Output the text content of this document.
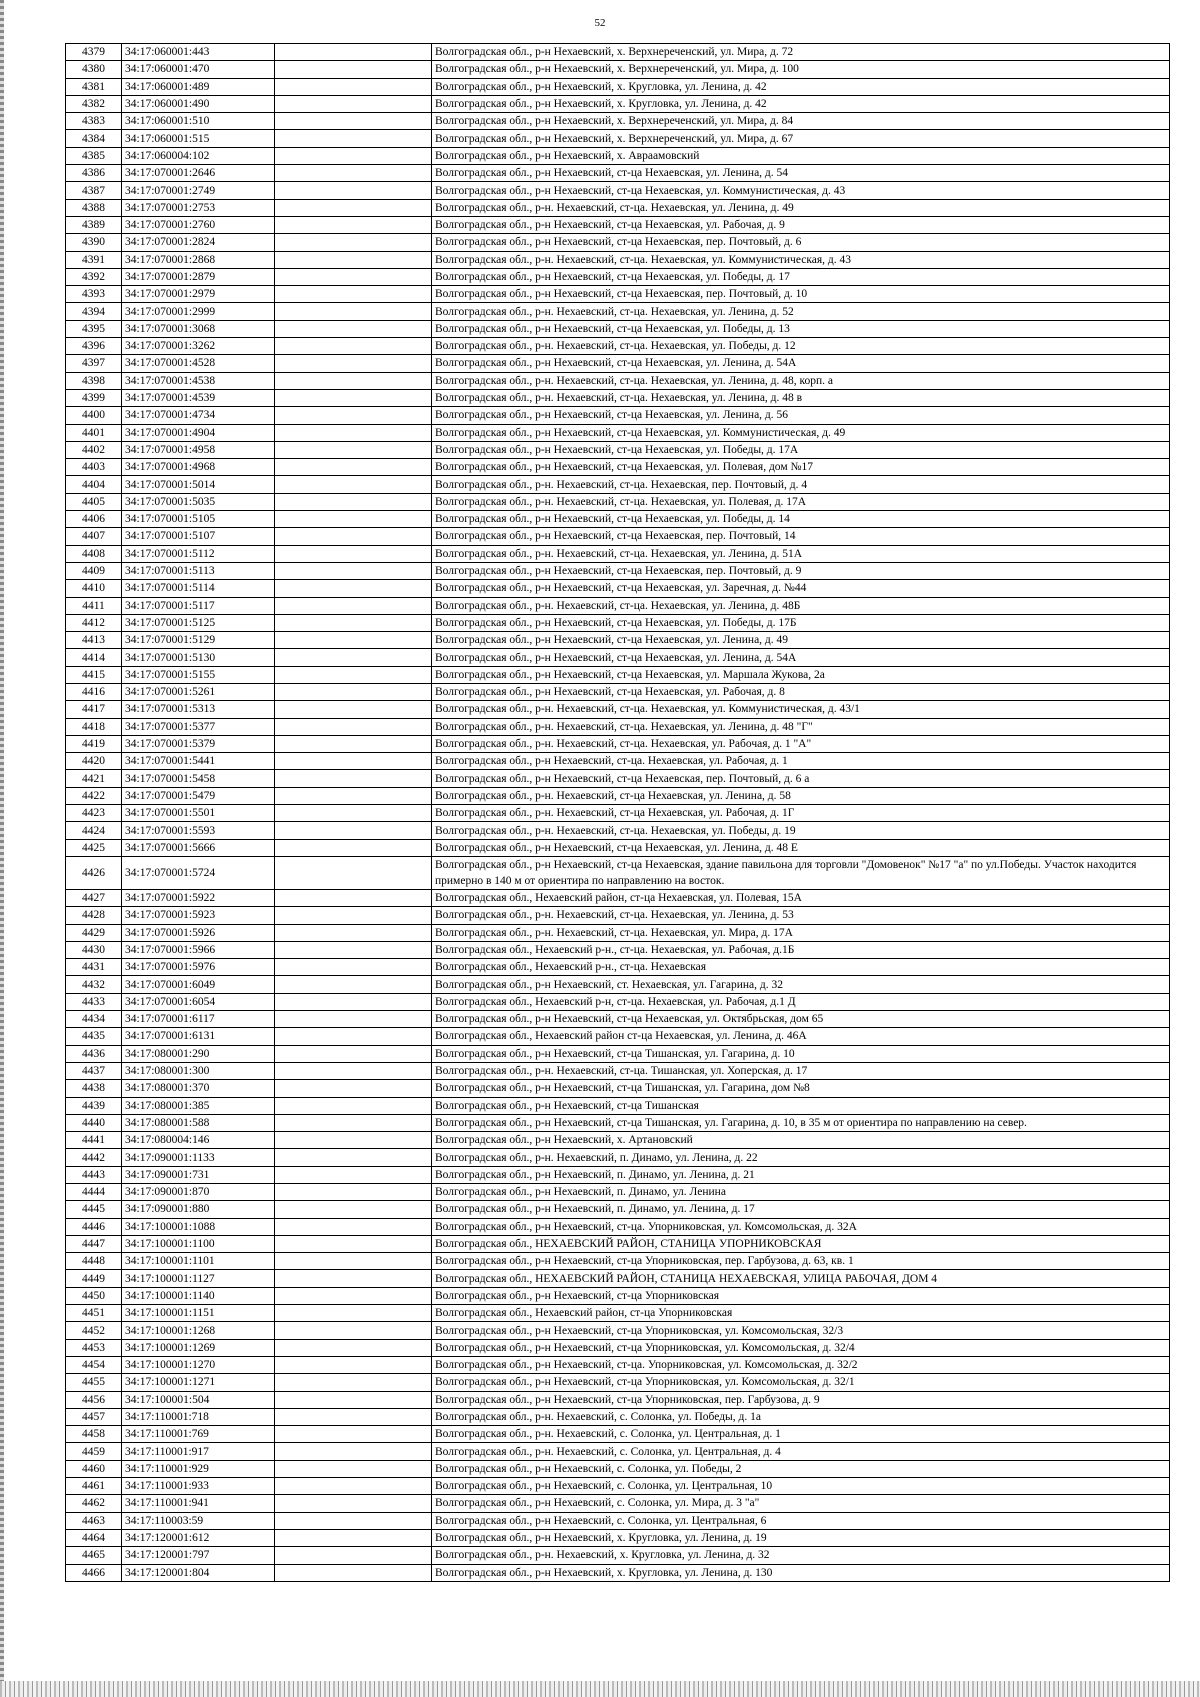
52
4379	34:17:060001:443		Волгоградская обл., р-н Нехаевский, х. Верхнереченский, ул. Мира, д. 72
4380	34:17:060001:470		Волгоградская обл., р-н Нехаевский, х. Верхнереченский, ул. Мира, д. 100
4381	34:17:060001:489		Волгоградская обл., р-н Нехаевский, х. Кругловка, ул. Ленина, д. 42
4382	34:17:060001:490		Волгоградская обл., р-н Нехаевский, х. Кругловка, ул. Ленина, д. 42
4383	34:17:060001:510		Волгоградская обл., р-н Нехаевский, х. Верхнереченский, ул. Мира, д. 84
4384	34:17:060001:515		Волгоградская обл., р-н Нехаевский, х. Верхнереченский, ул. Мира, д. 67
4385	34:17:060004:102		Волгоградская обл., р-н Нехаевский, х. Авраамовский
4386	34:17:070001:2646		Волгоградская обл., р-н Нехаевский, ст-ца Нехаевская, ул. Ленина, д. 54
4387	34:17:070001:2749		Волгоградская обл., р-н Нехаевский, ст-ца Нехаевская, ул. Коммунистическая, д. 43
4388	34:17:070001:2753		Волгоградская обл., р-н. Нехаевский, ст-ца. Нехаевская, ул. Ленина, д. 49
4389	34:17:070001:2760		Волгоградская обл., р-н Нехаевский, ст-ца Нехаевская, ул. Рабочая, д. 9
4390	34:17:070001:2824		Волгоградская обл., р-н Нехаевский, ст-ца Нехаевская, пер. Почтовый, д. 6
4391	34:17:070001:2868		Волгоградская обл., р-н. Нехаевский, ст-ца. Нехаевская, ул. Коммунистическая, д. 43
4392	34:17:070001:2879		Волгоградская обл., р-н Нехаевский, ст-ца Нехаевская, ул. Победы, д. 17
4393	34:17:070001:2979		Волгоградская обл., р-н Нехаевский, ст-ца Нехаевская, пер. Почтовый, д. 10
4394	34:17:070001:2999		Волгоградская обл., р-н. Нехаевский, ст-ца. Нехаевская, ул. Ленина, д. 52
4395	34:17:070001:3068		Волгоградская обл., р-н Нехаевский, ст-ца Нехаевская, ул. Победы, д. 13
4396	34:17:070001:3262		Волгоградская обл., р-н. Нехаевский, ст-ца. Нехаевская, ул. Победы, д. 12
4397	34:17:070001:4528		Волгоградская обл., р-н Нехаевский, ст-ца Нехаевская, ул. Ленина, д. 54А
4398	34:17:070001:4538		Волгоградская обл., р-н. Нехаевский, ст-ца. Нехаевская, ул. Ленина, д. 48, корп. а
4399	34:17:070001:4539		Волгоградская обл., р-н. Нехаевский, ст-ца. Нехаевская, ул. Ленина, д. 48 в
4400	34:17:070001:4734		Волгоградская обл., р-н Нехаевский, ст-ца Нехаевская, ул. Ленина, д. 56
4401	34:17:070001:4904		Волгоградская обл., р-н Нехаевский, ст-ца Нехаевская, ул. Коммунистическая, д. 49
4402	34:17:070001:4958		Волгоградская обл., р-н Нехаевский, ст-ца Нехаевская, ул. Победы, д. 17А
4403	34:17:070001:4968		Волгоградская обл., р-н Нехаевский, ст-ца Нехаевская, ул. Полевая, дом №17
4404	34:17:070001:5014		Волгоградская обл., р-н. Нехаевский, ст-ца. Нехаевская, пер. Почтовый, д. 4
4405	34:17:070001:5035		Волгоградская обл., р-н. Нехаевский, ст-ца. Нехаевская, ул. Полевая, д. 17А
4406	34:17:070001:5105		Волгоградская обл., р-н Нехаевский, ст-ца Нехаевская, ул. Победы, д. 14
4407	34:17:070001:5107		Волгоградская обл., р-н Нехаевский, ст-ца Нехаевская, пер. Почтовый, 14
4408	34:17:070001:5112		Волгоградская обл., р-н. Нехаевский, ст-ца. Нехаевская, ул. Ленина, д. 51А
4409	34:17:070001:5113		Волгоградская обл., р-н Нехаевский, ст-ца Нехаевская, пер. Почтовый, д. 9
4410	34:17:070001:5114		Волгоградская обл., р-н Нехаевский, ст-ца Нехаевская, ул. Заречная, д. №44
4411	34:17:070001:5117		Волгоградская обл., р-н. Нехаевский, ст-ца. Нехаевская, ул. Ленина, д. 48Б
4412	34:17:070001:5125		Волгоградская обл., р-н Нехаевский, ст-ца Нехаевская, ул. Победы, д. 17Б
4413	34:17:070001:5129		Волгоградская обл., р-н Нехаевский, ст-ца Нехаевская, ул. Ленина, д. 49
4414	34:17:070001:5130		Волгоградская обл., р-н Нехаевский, ст-ца Нехаевская, ул. Ленина, д. 54А
4415	34:17:070001:5155		Волгоградская обл., р-н Нехаевский, ст-ца Нехаевская, ул. Маршала Жукова, 2а
4416	34:17:070001:5261		Волгоградская обл., р-н Нехаевский, ст-ца Нехаевская, ул. Рабочая, д. 8
4417	34:17:070001:5313		Волгоградская обл., р-н. Нехаевский, ст-ца. Нехаевская, ул. Коммунистическая, д. 43/1
4418	34:17:070001:5377		Волгоградская обл., р-н. Нехаевский, ст-ца. Нехаевская, ул. Ленина, д. 48 "Г"
4419	34:17:070001:5379		Волгоградская обл., р-н. Нехаевский, ст-ца. Нехаевская, ул. Рабочая, д. 1 "А"
4420	34:17:070001:5441		Волгоградская обл., р-н Нехаевский, ст-ца. Нехаевская, ул. Рабочая, д. 1
4421	34:17:070001:5458		Волгоградская обл., р-н Нехаевский, ст-ца Нехаевская, пер. Почтовый, д. 6 а
4422	34:17:070001:5479		Волгоградская обл., р-н. Нехаевский, ст-ца Нехаевская, ул. Ленина, д. 58
4423	34:17:070001:5501		Волгоградская обл., р-н. Нехаевский, ст-ца Нехаевская, ул. Рабочая, д. 1Г
4424	34:17:070001:5593		Волгоградская обл., р-н. Нехаевский, ст-ца. Нехаевская, ул. Победы, д. 19
4425	34:17:070001:5666		Волгоградская обл., р-н Нехаевский, ст-ца Нехаевская, ул. Ленина, д. 48 Е
4426	34:17:070001:5724		Волгоградская обл., р-н Нехаевский, ст-ца Нехаевская, здание павильона для торговли "Домовенок" №17 "а" по ул.Победы. Участок находится примерно в 140 м от ориентира по направлению на восток.
4427	34:17:070001:5922		Волгоградская обл., Нехаевский район, ст-ца Нехаевская, ул. Полевая, 15А
4428	34:17:070001:5923		Волгоградская обл., р-н. Нехаевский, ст-ца. Нехаевская, ул. Ленина, д. 53
4429	34:17:070001:5926		Волгоградская обл., р-н. Нехаевский, ст-ца. Нехаевская, ул. Мира, д. 17А
4430	34:17:070001:5966		Волгоградская обл., Нехаевский р-н., ст-ца. Нехаевская, ул. Рабочая, д.1Б
4431	34:17:070001:5976		Волгоградская обл., Нехаевский р-н., ст-ца. Нехаевская
4432	34:17:070001:6049		Волгоградская обл., р-н Нехаевский, ст. Нехаевская, ул. Гагарина, д. 32
4433	34:17:070001:6054		Волгоградская обл., Нехаевский р-н, ст-ца. Нехаевская, ул. Рабочая, д.1 Д
4434	34:17:070001:6117		Волгоградская обл., р-н Нехаевский, ст-ца Нехаевская, ул. Октябрьская, дом 65
4435	34:17:070001:6131		Волгоградская обл., Нехаевский район ст-ца Нехаевская, ул. Ленина, д. 46А
4436	34:17:080001:290		Волгоградская обл., р-н Нехаевский, ст-ца Тишанская, ул. Гагарина, д. 10
4437	34:17:080001:300		Волгоградская обл., р-н. Нехаевский, ст-ца. Тишанская, ул. Хоперская, д. 17
4438	34:17:080001:370		Волгоградская обл., р-н Нехаевский, ст-ца Тишанская, ул. Гагарина, дом №8
4439	34:17:080001:385		Волгоградская обл., р-н Нехаевский, ст-ца Тишанская
4440	34:17:080001:588		Волгоградская обл., р-н Нехаевский, ст-ца Тишанская, ул. Гагарина, д. 10, в 35 м от ориентира по направлению на север.
4441	34:17:080004:146		Волгоградская обл., р-н Нехаевский, х. Артановский
4442	34:17:090001:1133		Волгоградская обл., р-н. Нехаевский, п. Динамо, ул. Ленина, д. 22
4443	34:17:090001:731		Волгоградская обл., р-н Нехаевский, п. Динамо, ул. Ленина, д. 21
4444	34:17:090001:870		Волгоградская обл., р-н Нехаевский, п. Динамо, ул. Ленина
4445	34:17:090001:880		Волгоградская обл., р-н Нехаевский, п. Динамо, ул. Ленина, д. 17
4446	34:17:100001:1088		Волгоградская обл., р-н Нехаевский, ст-ца. Упорниковская, ул. Комсомольская, д. 32А
4447	34:17:100001:1100		Волгоградская обл., НЕХАЕВСКИЙ РАЙОН, СТАНИЦА УПОРНИКОВСКАЯ
4448	34:17:100001:1101		Волгоградская обл., р-н Нехаевский, ст-ца Упорниковская, пер. Гарбузова, д. 63, кв. 1
4449	34:17:100001:1127		Волгоградская обл., НЕХАЕВСКИЙ РАЙОН, СТАНИЦА НЕХАЕВСКАЯ, УЛИЦА РАБОЧАЯ, ДОМ 4
4450	34:17:100001:1140		Волгоградская обл., р-н Нехаевский, ст-ца Упорниковская
4451	34:17:100001:1151		Волгоградская обл., Нехаевский район, ст-ца Упорниковская
4452	34:17:100001:1268		Волгоградская обл., р-н Нехаевский, ст-ца Упорниковская, ул. Комсомольская, 32/3
4453	34:17:100001:1269		Волгоградская обл., р-н Нехаевский, ст-ца Упорниковская, ул. Комсомольская, д. 32/4
4454	34:17:100001:1270		Волгоградская обл., р-н Нехаевский, ст-ца. Упорниковская, ул. Комсомольская, д. 32/2
4455	34:17:100001:1271		Волгоградская обл., р-н Нехаевский, ст-ца Упорниковская, ул. Комсомольская, д. 32/1
4456	34:17:100001:504		Волгоградская обл., р-н Нехаевский, ст-ца Упорниковская, пер. Гарбузова, д. 9
4457	34:17:110001:718		Волгоградская обл., р-н. Нехаевский, с. Солонка, ул. Победы, д. 1а
4458	34:17:110001:769		Волгоградская обл., р-н. Нехаевский, с. Солонка, ул. Центральная, д. 1
4459	34:17:110001:917		Волгоградская обл., р-н. Нехаевский, с. Солонка, ул. Центральная, д. 4
4460	34:17:110001:929		Волгоградская обл., р-н Нехаевский, с. Солонка, ул. Победы, 2
4461	34:17:110001:933		Волгоградская обл., р-н Нехаевский, с. Солонка, ул. Центральная, 10
4462	34:17:110001:941		Волгоградская обл., р-н Нехаевский, с. Солонка, ул. Мира, д. 3 "а"
4463	34:17:110003:59		Волгоградская обл., р-н Нехаевский, с. Солонка, ул. Центральная, 6
4464	34:17:120001:612		Волгоградская обл., р-н Нехаевский, х. Кругловка, ул. Ленина, д. 19
4465	34:17:120001:797		Волгоградская обл., р-н. Нехаевский, х. Кругловка, ул. Ленина, д. 32
4466	34:17:120001:804		Волгоградская обл., р-н Нехаевский, х. Кругловка, ул. Ленина, д. 130
